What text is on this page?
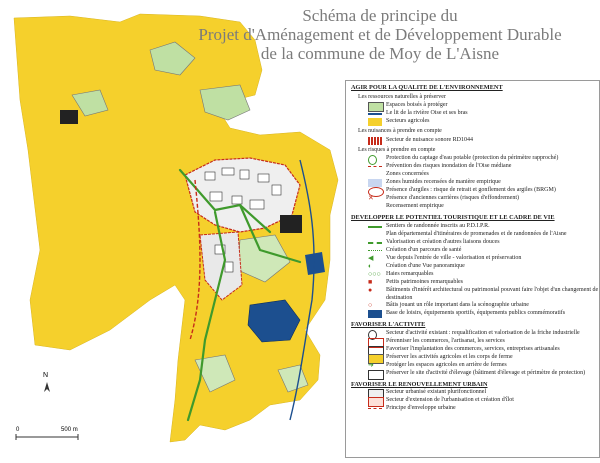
Schéma de principe du
Projet d'Aménagement et de Développement Durable
de la commune de Moy de L'Aisne
N
0	500 m
AGIR POUR LA QUALITE DE L'ENVIRONNEMENT
Les ressources naturelles à préserver
Espaces boisés à protéger
Le lit de la rivière Oise et ses bras
Secteurs agricoles
Les nuisances à prendre en compte
Secteur de nuisance sonore RD1044
Les risques à prendre en compte
Protection du captage d'eau potable (protection du périmètre rapproché)
Prévention des risques inondation de l'Oise médiane
Zones concernées
Zones humides recensées de manière empirique
Présence d'argiles : risque de retrait et gonflement des argiles (BRGM)
✕	Présence d'anciennes carrières (risques d'effondrement)
Recensement empirique
DEVELOPPER LE POTENTIEL TOURISTIQUE ET LE CADRE DE VIE
Sentiers de randonnée inscrits au P.D.I.P.R.
Plan départemental d'itinéraires de promenades et de randonnées de l'Aisne
Valorisation et création d'autres liaisons douces
Création d'un parcours de santé
◀	Vue depuis l'entrée de ville - valorisation et préservation
◐	Création d'une Vue panoramique
○○○ Haies remarquables
■	Petits patrimoines remarquables
●	Bâtiments d'intérêt architectural ou patrimonial pouvant faire l'objet d'un changement de destination
○	Bâtis jouant un rôle important dans la scénographie urbaine
Base de loisirs, équipements sportifs, équipements publics commémoratifs
FAVORISER L'ACTIVITE
Secteur d'activité existant : requalification et valorisation de la friche industrielle
Pérenniser les commerces, l'artisanat, les services
Favoriser l'implantation des commerces, services, entreprises artisanales
Préserver les activités agricoles et les corps de ferme
➜	Protéger les espaces agricoles en arrière de fermes
Préserver le site d'activité d'élevage (bâtiment d'élevage et périmètre de protection)
FAVORISER LE RENOUVELLEMENT URBAIN
Secteur urbanisé existant plurifonctionnel
Secteur d'extension de l'urbanisation et création d'îlot
Principe d'enveloppe urbaine
